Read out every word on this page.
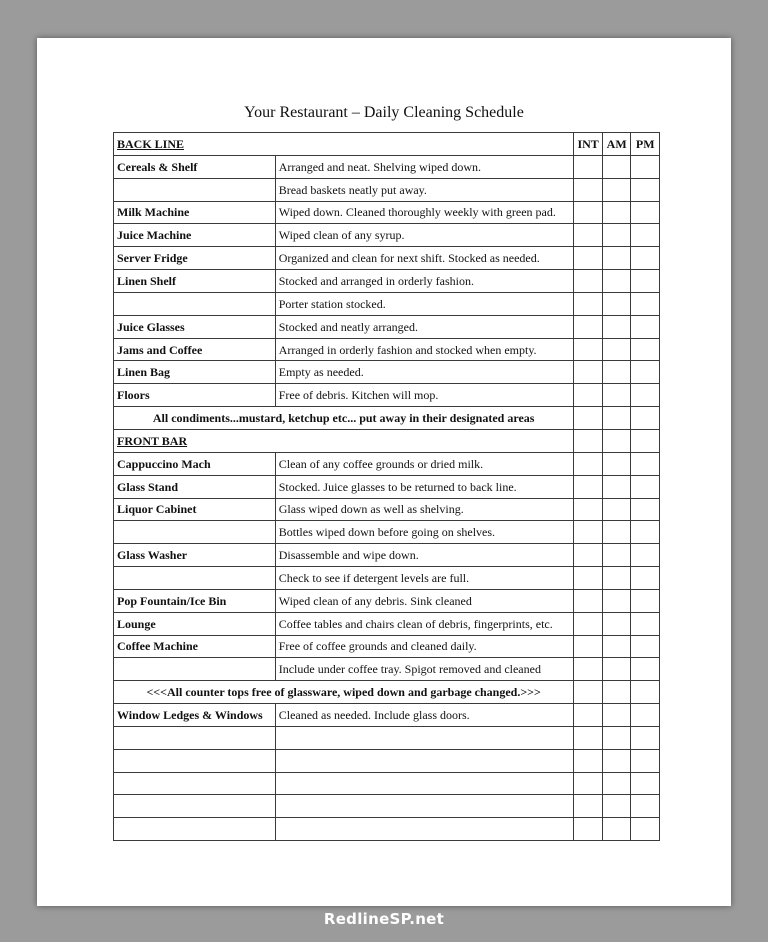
Your Restaurant – Daily Cleaning Schedule
BACK LINE		INT	AM	PM
Cereals & Shelf	Arranged and neat. Shelving wiped down.			
	Bread baskets neatly put away.			
Milk Machine	Wiped down. Cleaned thoroughly weekly with green pad.			
Juice Machine	Wiped clean of any syrup.			
Server Fridge	Organized and clean for next shift. Stocked as needed.			
Linen Shelf	Stocked and arranged in orderly fashion.			
	Porter station stocked.			
Juice Glasses	Stocked and neatly arranged.			
Jams and Coffee	Arranged in orderly fashion and stocked when empty.			
Linen Bag	Empty as needed.			
Floors	Free of debris. Kitchen will mop.			
All condiments...mustard, ketchup etc... put away in their designated areas				
FRONT BAR				
Cappuccino Mach	Clean of any coffee grounds or dried milk.			
Glass Stand	Stocked. Juice glasses to be returned to back line.			
Liquor Cabinet	Glass wiped down as well as shelving.			
	Bottles wiped down before going on shelves.			
Glass Washer	Disassemble and wipe down.			
	Check to see if detergent levels are full.			
Pop Fountain/Ice Bin	Wiped clean of any debris. Sink cleaned			
Lounge	Coffee tables and chairs clean of debris, fingerprints, etc.			
Coffee Machine	Free of coffee grounds and cleaned daily.			
	Include under coffee tray. Spigot removed and cleaned			
<<<All counter tops free of glassware, wiped down and garbage changed.>>>				
Window Ledges & Windows	Cleaned as needed. Include glass doors.			

RedlineSP.net
